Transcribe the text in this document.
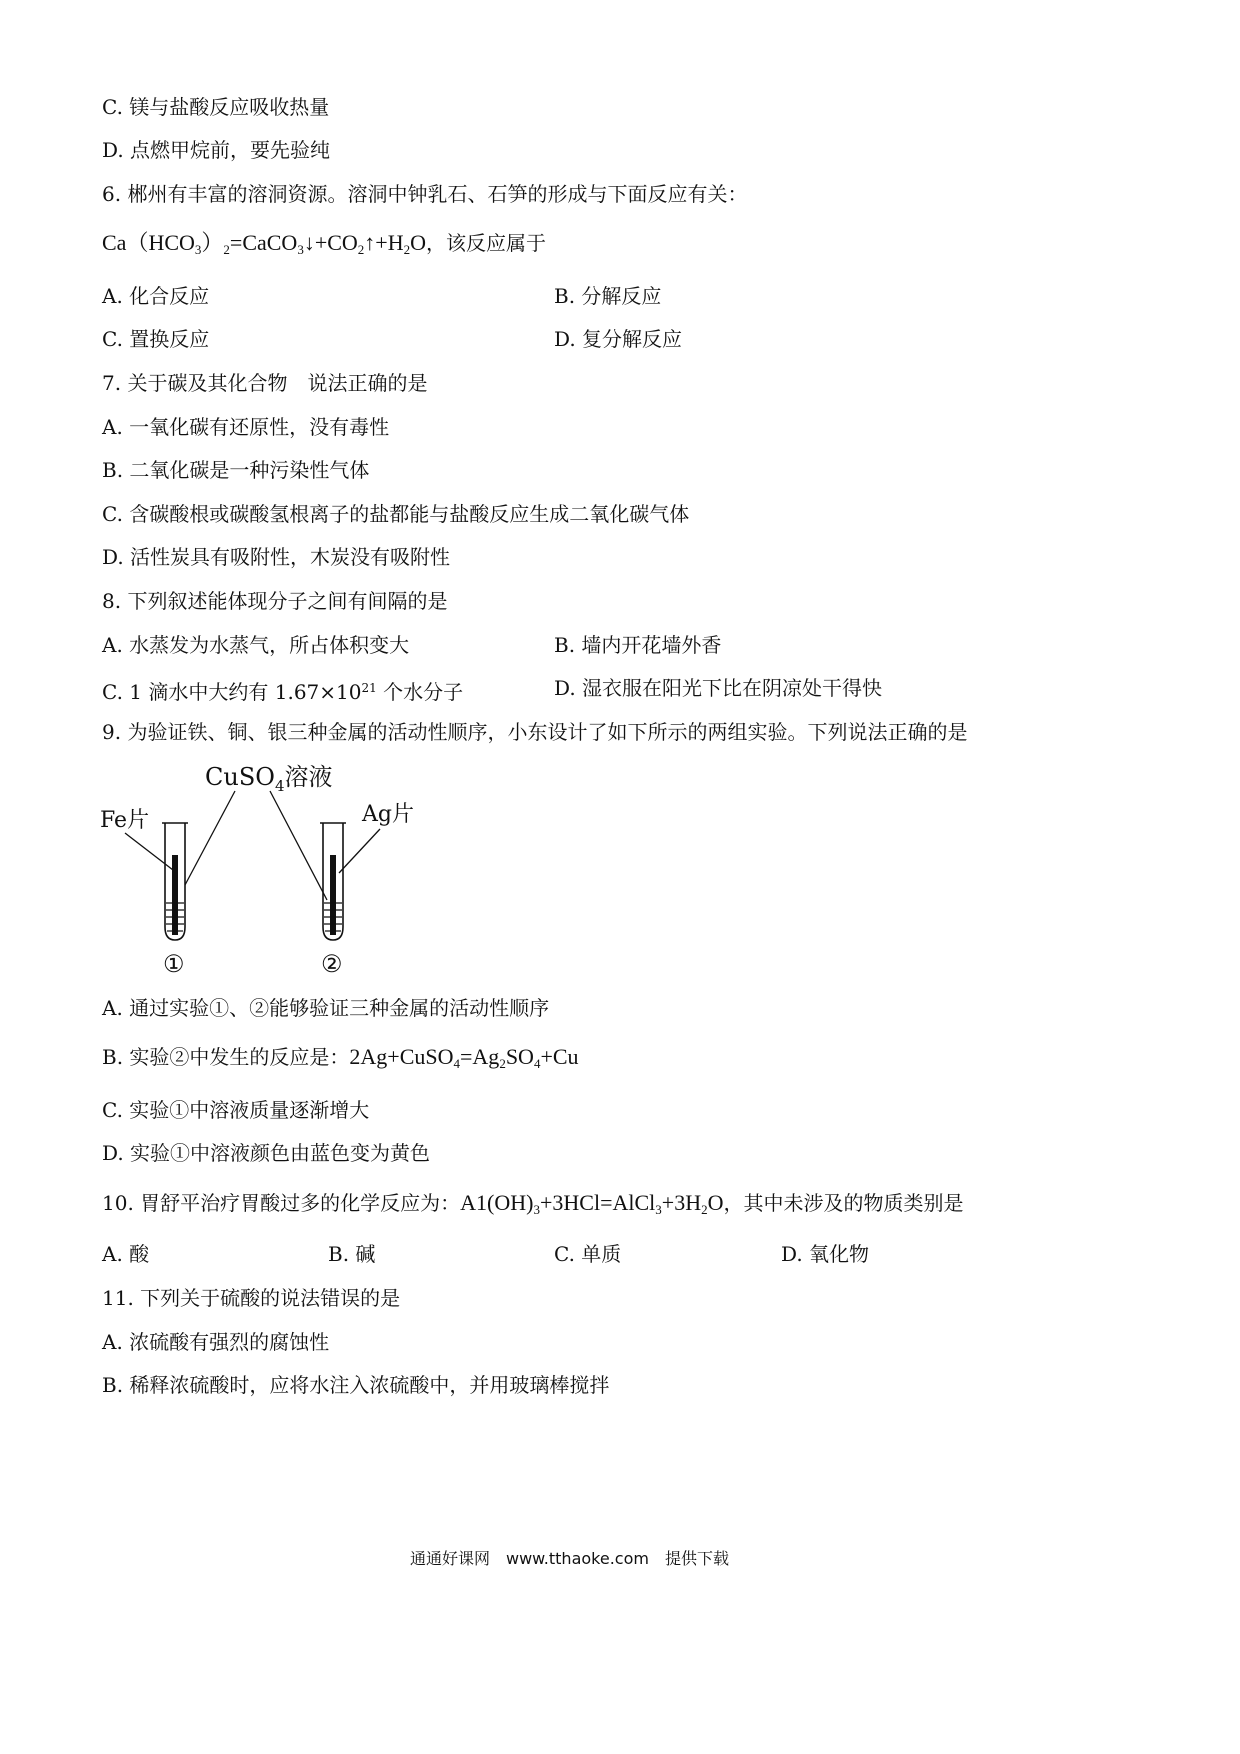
C. 镁与盐酸反应吸收热量
D. 点燃甲烷前，要先验纯
6. 郴州有丰富的溶洞资源。溶洞中钟乳石、石笋的形成与下面反应有关：
$Ca(HCO_3)_2=CaCO_3↓+CO_2↑+H_2O$，该反应属于
A. 化合反应	B. 分解反应
C. 置换反应	D. 复分解反应
7. 关于碳及其化合物　说法正确的是
A. 一氧化碳有还原性，没有毒性
B. 二氧化碳是一种污染性气体
C. 含碳酸根或碳酸氢根离子的盐都能与盐酸反应生成二氧化碳气体
D. 活性炭具有吸附性，木炭没有吸附性
8. 下列叙述能体现分子之间有间隔的是
A. 水蒸发为水蒸气，所占体积变大	B. 墙内开花墙外香
C. 1 滴水中大约有 $1.67\times 10^{21}$ 个水分子	D. 湿衣服在阳光下比在阴凉处干得快
9. 为验证铁、铜、银三种金属的活动性顺序，小东设计了如下所示的两组实验。下列说法正确的是
CuSO$_4$溶液
Fe片	Ag片
①	②
A. 通过实验①、②能够验证三种金属的活动性顺序
B. 实验②中发生的反应是：$2Ag+CuSO_4=Ag_2SO_4+Cu$
C. 实验①中溶液质量逐渐增大
D. 实验①中溶液颜色由蓝色变为黄色
10. 胃舒平治疗胃酸过多的化学反应为：$A1(OH)_3+3HCl=AlCl_3+3H_2O$，其中未涉及的物质类别是
A. 酸	B. 碱	C. 单质	D. 氧化物
11. 下列关于硫酸的说法错误的是
A. 浓硫酸有强烈的腐蚀性
B. 稀释浓硫酸时，应将水注入浓硫酸中，并用玻璃棒搅拌
通通好课网　www.tthaoke.com　提供下载
